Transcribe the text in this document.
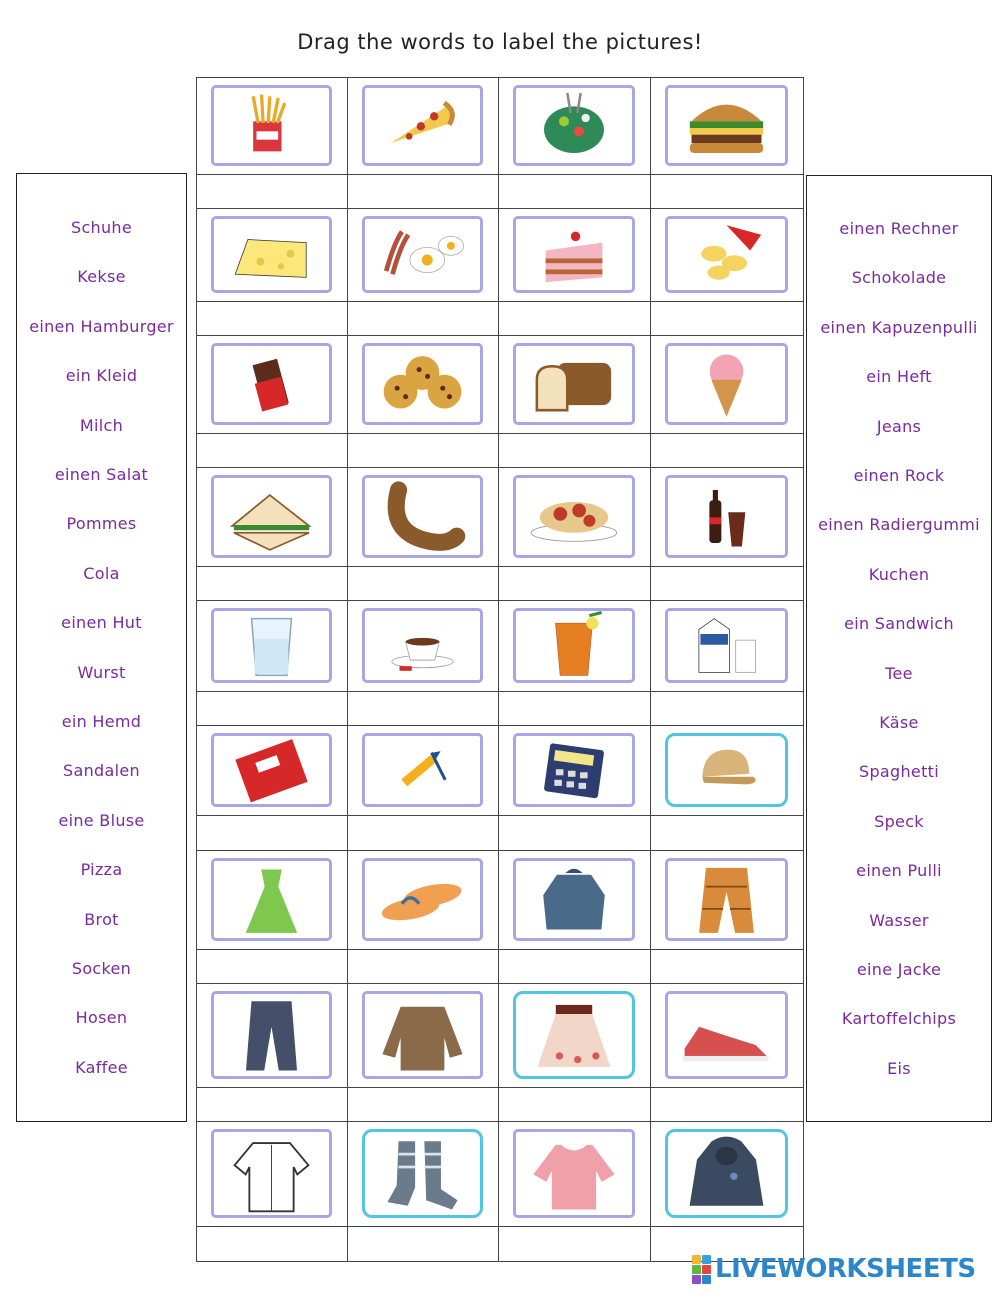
Drag the words to label the pictures!
Schuhe
Kekse
einen Hamburger
ein Kleid
Milch
einen Salat
Pommes
Cola
einen Hut
Wurst
ein Hemd
Sandalen
eine Bluse
Pizza
Brot
Socken
Hosen
Kaffee
einen Rechner
Schokolade
einen Kapuzenpulli
ein Heft
Jeans
einen Rock
einen Radiergummi
Kuchen
ein Sandwich
Tee
Käse
Spaghetti
Speck
einen Pulli
Wasser
eine Jacke
Kartoffelchips
Eis
LIVEWORKSHEETS
